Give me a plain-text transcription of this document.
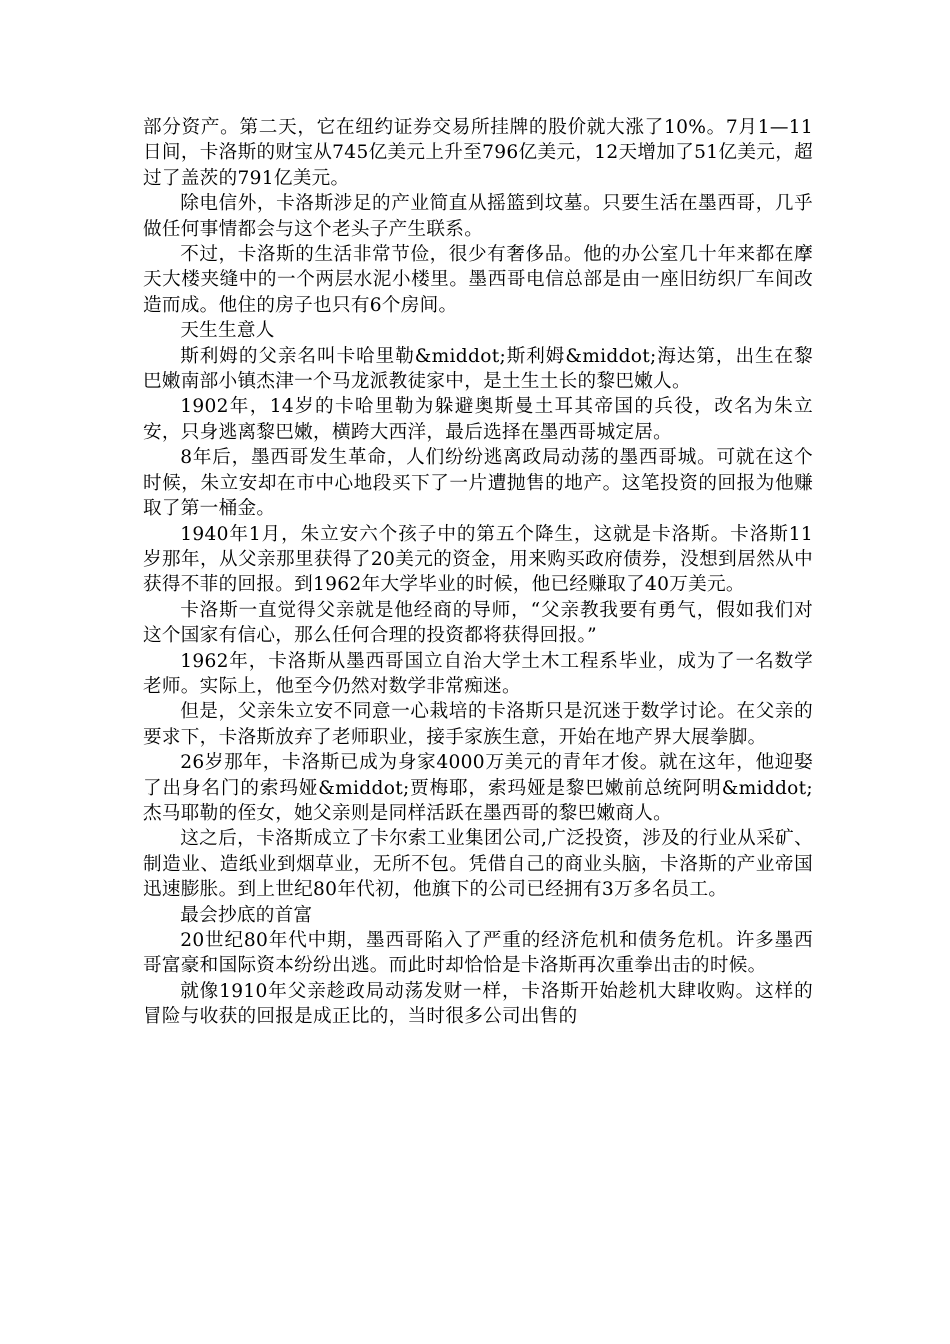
部分资产。第二天，它在纽约证券交易所挂牌的股价就大涨了10%。7月1—11日间，卡洛斯的财宝从745亿美元上升至796亿美元，12天增加了51亿美元，超过了盖茨的791亿美元。

除电信外，卡洛斯涉足的产业简直从摇篮到坟墓。只要生活在墨西哥，几乎做任何事情都会与这个老头子产生联系。

不过，卡洛斯的生活非常节俭，很少有奢侈品。他的办公室几十年来都在摩天大楼夹缝中的一个两层水泥小楼里。墨西哥电信总部是由一座旧纺织厂车间改造而成。他住的房子也只有6个房间。

天生生意人

斯利姆的父亲名叫卡哈里勒&middot;斯利姆&middot;海达第，出生在黎巴嫩南部小镇杰津一个马龙派教徒家中，是土生土长的黎巴嫩人。

1902年，14岁的卡哈里勒为躲避奥斯曼土耳其帝国的兵役，改名为朱立安，只身逃离黎巴嫩，横跨大西洋，最后选择在墨西哥城定居。

8年后，墨西哥发生革命，人们纷纷逃离政局动荡的墨西哥城。可就在这个时候，朱立安却在市中心地段买下了一片遭抛售的地产。这笔投资的回报为他赚取了第一桶金。

1940年1月，朱立安六个孩子中的第五个降生，这就是卡洛斯。卡洛斯11岁那年，从父亲那里获得了20美元的资金，用来购买政府债券，没想到居然从中获得不菲的回报。到1962年大学毕业的时候，他已经赚取了40万美元。

卡洛斯一直觉得父亲就是他经商的导师，“父亲教我要有勇气，假如我们对这个国家有信心，那么任何合理的投资都将获得回报。”

1962年，卡洛斯从墨西哥国立自治大学土木工程系毕业，成为了一名数学老师。实际上，他至今仍然对数学非常痴迷。

但是，父亲朱立安不同意一心栽培的卡洛斯只是沉迷于数学讨论。在父亲的要求下，卡洛斯放弃了老师职业，接手家族生意，开始在地产界大展拳脚。

26岁那年，卡洛斯已成为身家4000万美元的青年才俊。就在这年，他迎娶了出身名门的索玛娅&middot;贾梅耶，索玛娅是黎巴嫩前总统阿明&middot;杰马耶勒的侄女，她父亲则是同样活跃在墨西哥的黎巴嫩商人。

这之后，卡洛斯成立了卡尔索工业集团公司,广泛投资，涉及的行业从采矿、制造业、造纸业到烟草业，无所不包。凭借自己的商业头脑，卡洛斯的产业帝国迅速膨胀。到上世纪80年代初，他旗下的公司已经拥有3万多名员工。

最会抄底的首富

20世纪80年代中期，墨西哥陷入了严重的经济危机和债务危机。许多墨西哥富豪和国际资本纷纷出逃。而此时却恰恰是卡洛斯再次重拳出击的时候。

就像1910年父亲趁政局动荡发财一样，卡洛斯开始趁机大肆收购。这样的冒险与收获的回报是成正比的，当时很多公司出售的
